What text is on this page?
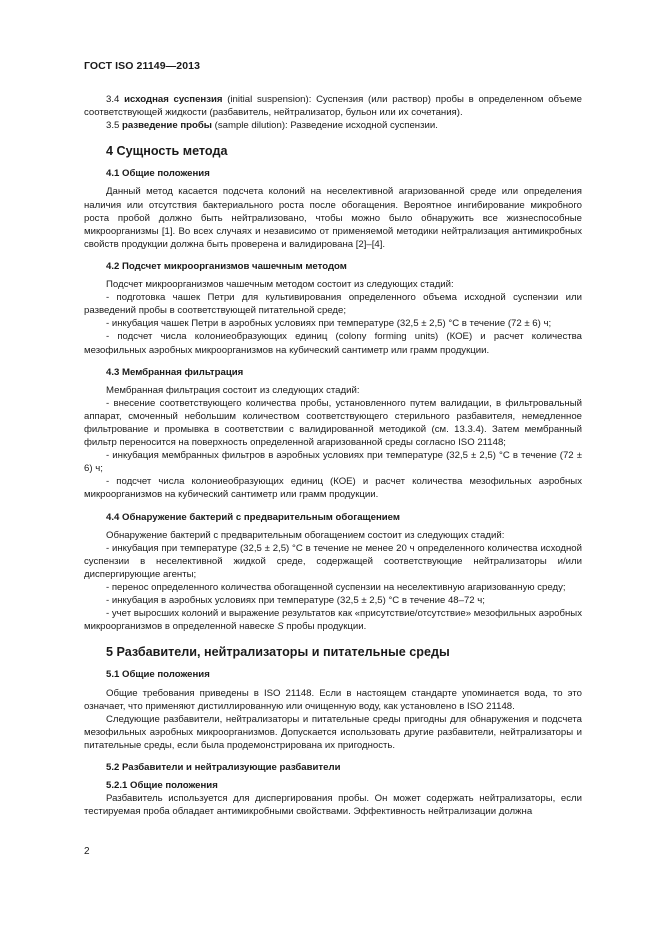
ГОСТ ISO 21149—2013

3.4 исходная суспензия (initial suspension): Суспензия (или раствор) пробы в определенном объеме соответствующей жидкости (разбавитель, нейтрализатор, бульон или их сочетания).

3.5 разведение пробы (sample dilution): Разведение исходной суспензии.

4 Сущность метода
4.1 Общие положения

Данный метод касается подсчета колоний на неселективной агаризованной среде или определения наличия или отсутствия бактериального роста после обогащения. Вероятное ингибирование микробного роста пробой должно быть нейтрализовано, чтобы можно было обнаружить все жизнеспособные микроорганизмы [1]. Во всех случаях и независимо от применяемой методики нейтрализация антимикробных свойств продукции должна быть проверена и валидирована [2]–[4].

4.2 Подсчет микроорганизмов чашечным методом

Подсчет микроорганизмов чашечным методом состоит из следующих стадий:

- подготовка чашек Петри для культивирования определенного объема исходной суспензии или разведений пробы в соответствующей питательной среде;

- инкубация чашек Петри в аэробных условиях при температуре (32,5 ± 2,5) °С в течение (72 ± 6) ч;

- подсчет числа колониеобразующих единиц (colony forming units) (КОЕ) и расчет количества мезофильных аэробных микроорганизмов на кубический сантиметр или грамм продукции.

4.3 Мембранная фильтрация

Мембранная фильтрация состоит из следующих стадий:

- внесение соответствующего количества пробы, установленного путем валидации, в фильтровальный аппарат, смоченный небольшим количеством соответствующего стерильного разбавителя, немедленное фильтрование и промывка в соответствии с валидированной методикой (см. 13.3.4). Затем мембранный фильтр переносится на поверхность определенной агаризованной среды согласно ISO 21148;

- инкубация мембранных фильтров в аэробных условиях при температуре (32,5 ± 2,5) °С в течение (72 ± 6) ч;

- подсчет числа колониеобразующих единиц (КОЕ) и расчет количества мезофильных аэробных микроорганизмов на кубический сантиметр или грамм продукции.

4.4 Обнаружение бактерий с предварительным обогащением

Обнаружение бактерий с предварительным обогащением состоит из следующих стадий:

- инкубация при температуре (32,5 ± 2,5) °С в течение не менее 20 ч определенного количества исходной суспензии в неселективной жидкой среде, содержащей соответствующие нейтрализаторы и/или диспергирующие агенты;

- перенос определенного количества обогащенной суспензии на неселективную агаризованную среду;

- инкубация в аэробных условиях при температуре (32,5 ± 2,5) °С в течение 48–72 ч;

- учет выросших колоний и выражение результатов как «присутствие/отсутствие» мезофильных аэробных микроорганизмов в определенной навеске S пробы продукции.

5 Разбавители, нейтрализаторы и питательные среды
5.1 Общие положения

Общие требования приведены в ISO 21148. Если в настоящем стандарте упоминается вода, то это означает, что применяют дистиллированную или очищенную воду, как установлено в ISO 21148.

Следующие разбавители, нейтрализаторы и питательные среды пригодны для обнаружения и подсчета мезофильных аэробных микроорганизмов. Допускается использовать другие разбавители, нейтрализаторы и питательные среды, если была продемонстрирована их пригодность.

5.2 Разбавители и нейтрализующие разбавители
5.2.1 Общие положения

Разбавитель используется для диспергирования пробы. Он может содержать нейтрализаторы, если тестируемая проба обладает антимикробными свойствами. Эффективность нейтрализации должна

2
